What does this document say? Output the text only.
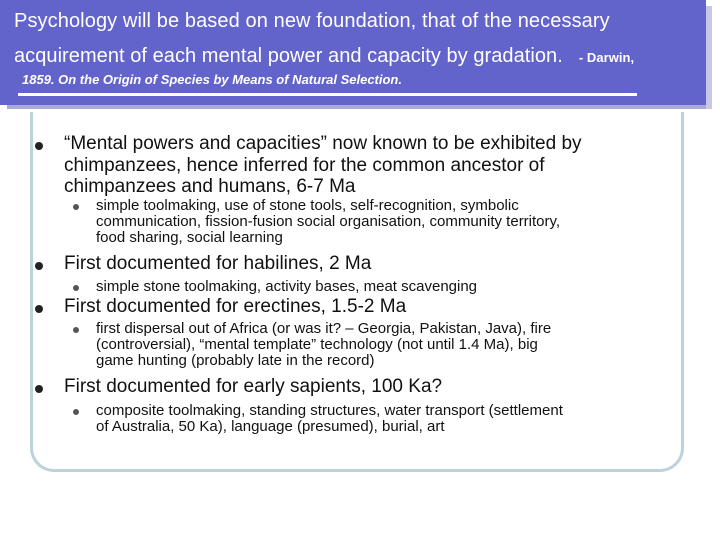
Psychology will be based on new foundation, that of the necessary
acquirement of each mental power and capacity by gradation. - Darwin,
1859. On the Origin of Species by Means of Natural Selection.
“Mental powers and capacities” now known to be exhibited by
chimpanzees, hence inferred for the common ancestor of
chimpanzees and humans, 6-7 Ma
simple toolmaking, use of stone tools, self-recognition, symbolic
communication, fission-fusion social organisation, community territory,
food sharing, social learning
First documented for habilines, 2 Ma
simple stone toolmaking, activity bases, meat scavenging
First documented for erectines, 1.5-2 Ma
first dispersal out of Africa (or was it? – Georgia, Pakistan, Java), fire
(controversial), “mental template” technology (not until 1.4 Ma), big
game hunting (probably late in the record)
First documented for early sapients, 100 Ka?
composite toolmaking, standing structures, water transport (settlement
of Australia, 50 Ka), language (presumed), burial, art
